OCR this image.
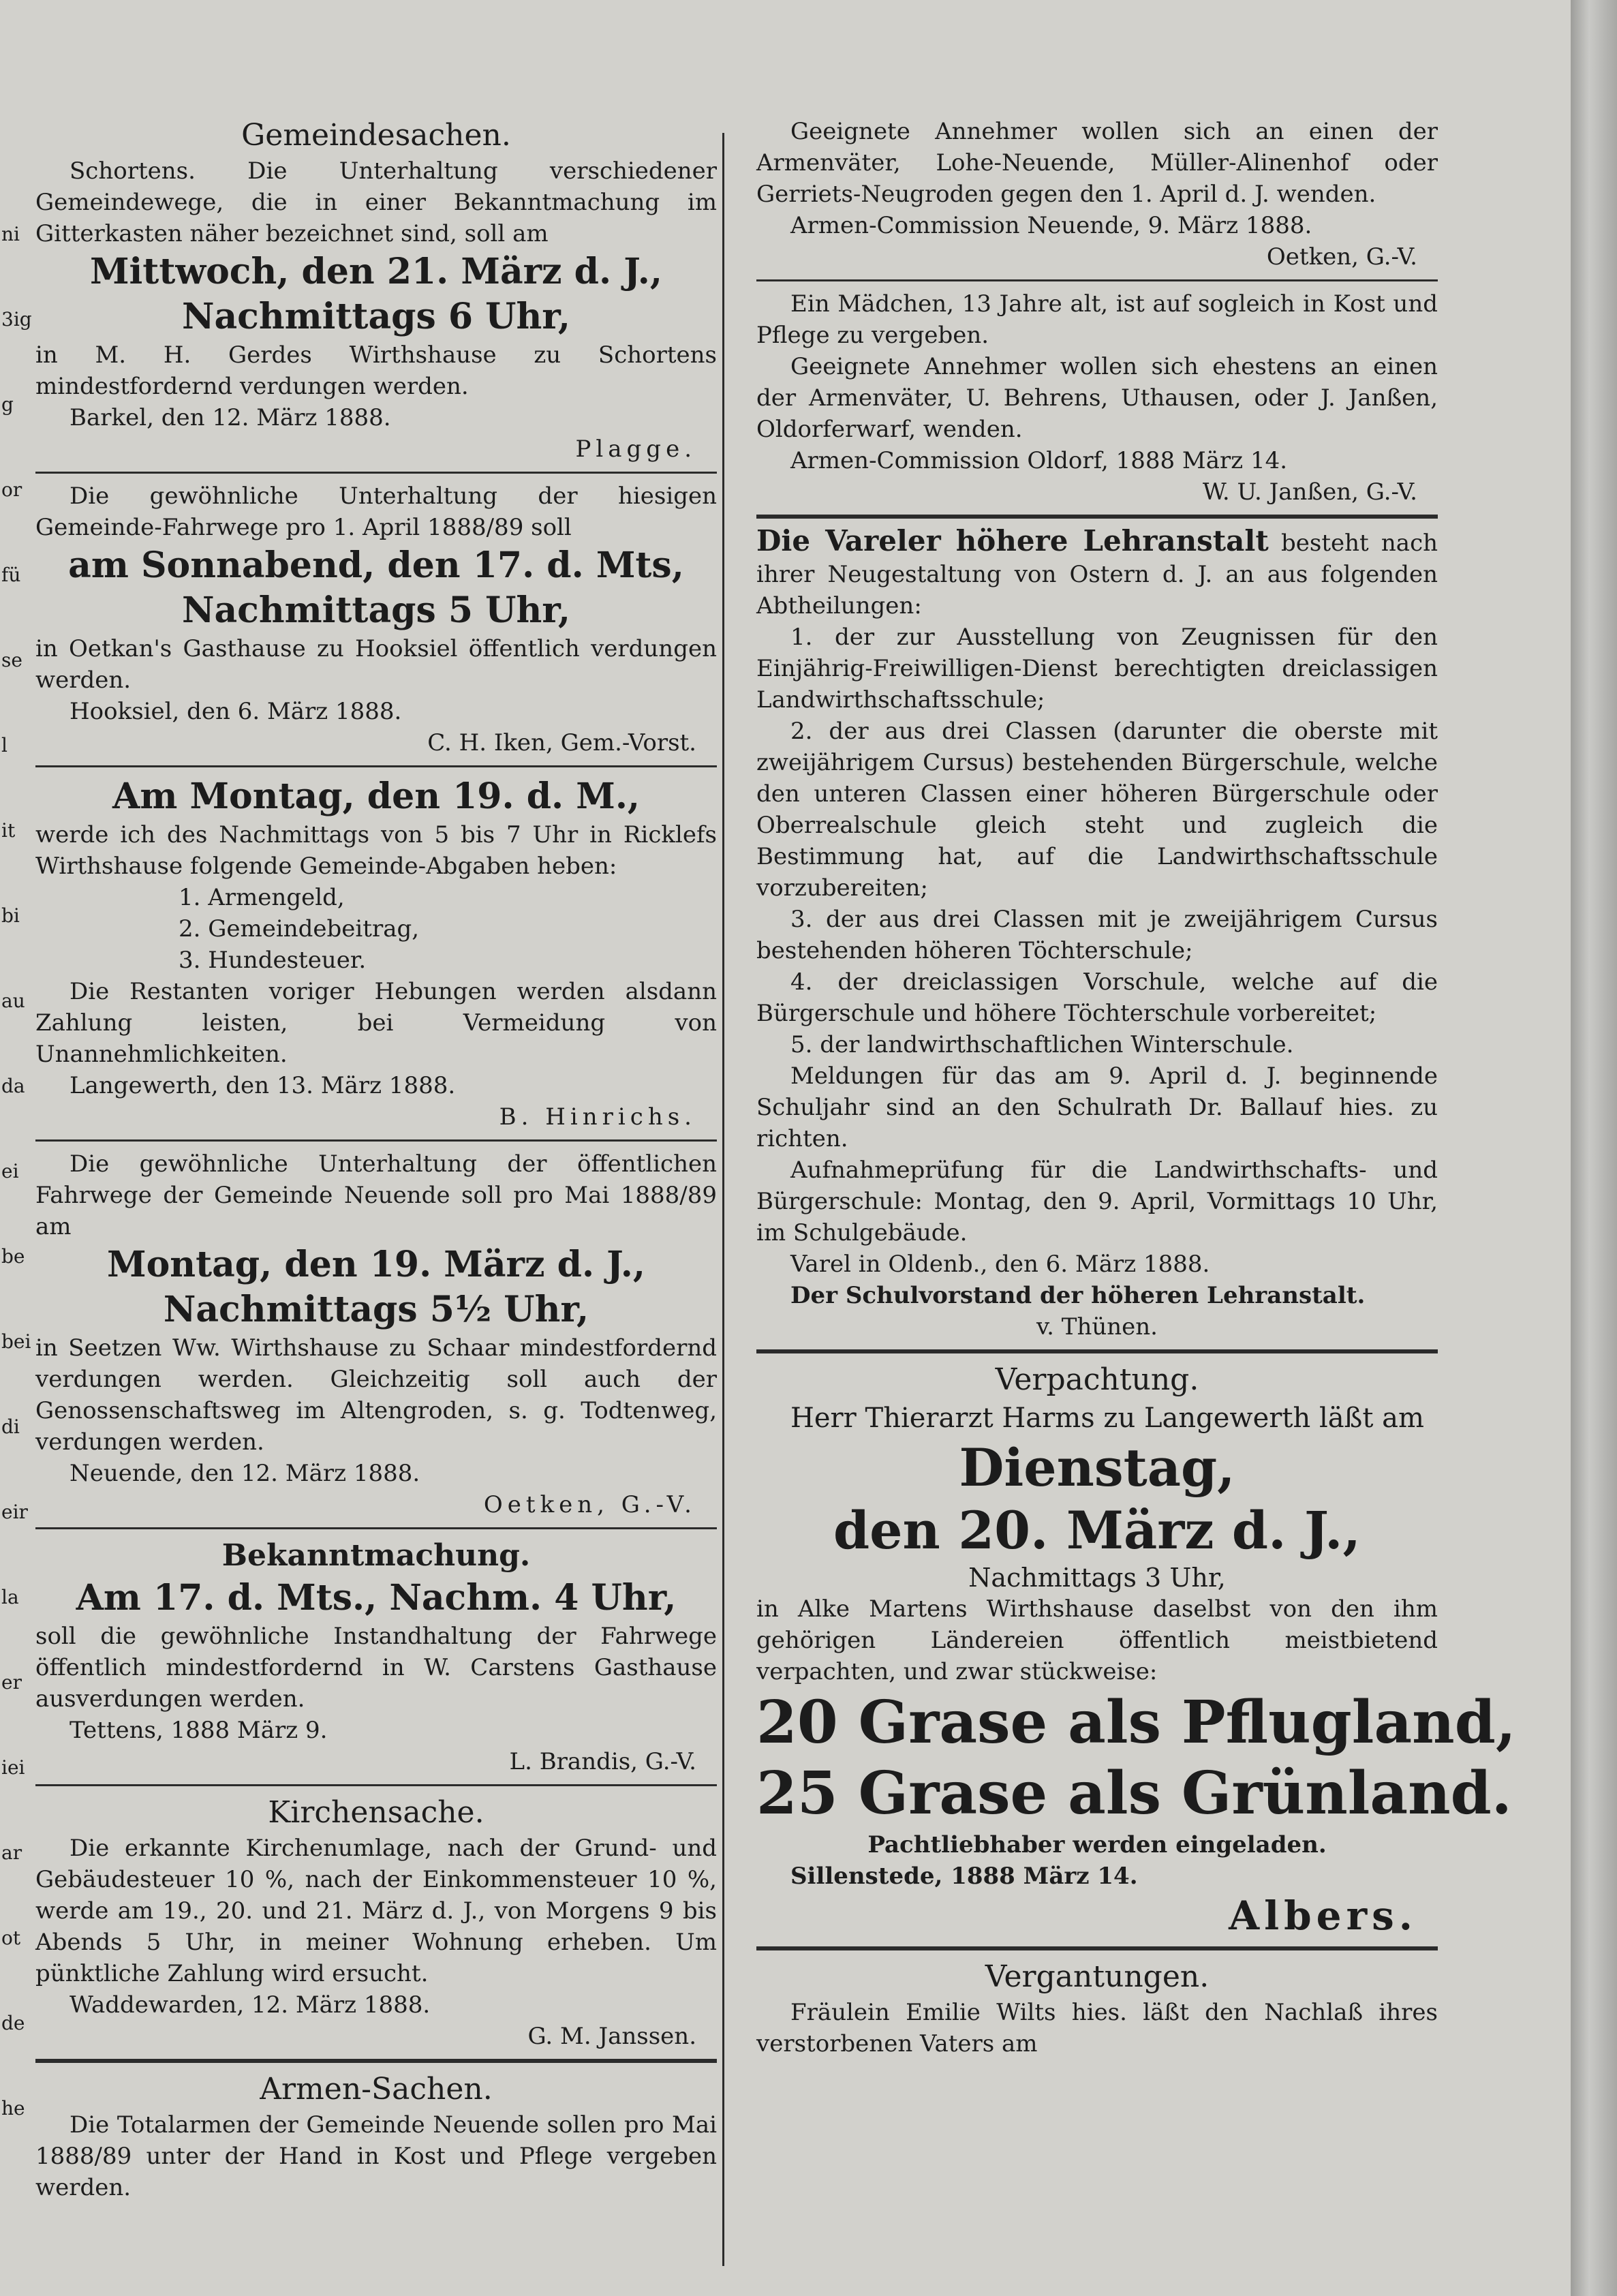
ni
3ig
g
or
fü
se
l
it
bi
au
da
ei
be
bei
di
eir
la
er
iei
ar
ot
de
he

Gemeindesachen.

Schortens. Die Unterhaltung verschiedener Gemeindewege, die in einer Bekanntmachung im Gitterkasten näher bezeichnet sind, soll am

Mittwoch, den 21. März d. J.,

Nachmittags 6 Uhr,

in M. H. Gerdes Wirthshause zu Schortens mindestfordernd verdungen werden.

Barkel, den 12. März 1888.

Plagge.

Die gewöhnliche Unterhaltung der hiesigen Gemeinde-Fahrwege pro 1. April 1888/89 soll

am Sonnabend, den 17. d. Mts,

Nachmittags 5 Uhr,

in Oetkan's Gasthause zu Hooksiel öffentlich verdungen werden.

Hooksiel, den 6. März 1888.

C. H. Iken, Gem.-Vorst.

Am Montag, den 19. d. M.,

werde ich des Nachmittags von 5 bis 7 Uhr in Ricklefs Wirthshause folgende Gemeinde-Abgaben heben:

1. Armengeld,

2. Gemeindebeitrag,

3. Hundesteuer.

Die Restanten voriger Hebungen werden alsdann Zahlung leisten, bei Vermeidung von Unannehmlichkeiten.

Langewerth, den 13. März 1888.

B. Hinrichs.

Die gewöhnliche Unterhaltung der öffentlichen Fahrwege der Gemeinde Neuende soll pro Mai 1888/89 am

Montag, den 19. März d. J.,

Nachmittags 5½ Uhr,

in Seetzen Ww. Wirthshause zu Schaar mindestfordernd verdungen werden. Gleichzeitig soll auch der Genossenschaftsweg im Altengroden, s. g. Todtenweg, verdungen werden.

Neuende, den 12. März 1888.

Oetken, G.-V.

Bekanntmachung.

Am 17. d. Mts., Nachm. 4 Uhr,

soll die gewöhnliche Instandhaltung der Fahrwege öffentlich mindestfordernd in W. Carstens Gasthause ausverdungen werden.

Tettens, 1888 März 9.

L. Brandis, G.-V.

Kirchensache.

Die erkannte Kirchenumlage, nach der Grund- und Gebäudesteuer 10 %, nach der Einkommensteuer 10 %, werde am 19., 20. und 21. März d. J., von Morgens 9 bis Abends 5 Uhr, in meiner Wohnung erheben. Um pünktliche Zahlung wird ersucht.

Waddewarden, 12. März 1888.

G. M. Janssen.

Armen-Sachen.

Die Totalarmen der Gemeinde Neuende sollen pro Mai 1888/89 unter der Hand in Kost und Pflege vergeben werden.

Geeignete Annehmer wollen sich an einen der Armenväter, Lohe-Neuende, Müller-Alinenhof oder Gerriets-Neugroden gegen den 1. April d. J. wenden.

Armen-Commission Neuende, 9. März 1888.

Oetken, G.-V.

Ein Mädchen, 13 Jahre alt, ist auf sogleich in Kost und Pflege zu vergeben.

Geeignete Annehmer wollen sich ehestens an einen der Armenväter, U. Behrens, Uthausen, oder J. Janßen, Oldorferwarf, wenden.

Armen-Commission Oldorf, 1888 März 14.

W. U. Janßen, G.-V.

Die Vareler höhere Lehranstalt besteht nach ihrer Neugestaltung von Ostern d. J. an aus folgenden Abtheilungen:

1. der zur Ausstellung von Zeugnissen für den Einjährig-Freiwilligen-Dienst berechtigten dreiclassigen Landwirthschaftsschule;

2. der aus drei Classen (darunter die oberste mit zweijährigem Cursus) bestehenden Bürgerschule, welche den unteren Classen einer höheren Bürgerschule oder Oberrealschule gleich steht und zugleich die Bestimmung hat, auf die Landwirthschaftsschule vorzubereiten;

3. der aus drei Classen mit je zweijährigem Cursus bestehenden höheren Töchterschule;

4. der dreiclassigen Vorschule, welche auf die Bürgerschule und höhere Töchterschule vorbereitet;

5. der landwirthschaftlichen Winterschule.

Meldungen für das am 9. April d. J. beginnende Schuljahr sind an den Schulrath Dr. Ballauf hies. zu richten.

Aufnahmeprüfung für die Landwirthschafts- und Bürgerschule: Montag, den 9. April, Vormittags 10 Uhr, im Schulgebäude.

Varel in Oldenb., den 6. März 1888.

Der Schulvorstand der höheren Lehranstalt.

v. Thünen.

Verpachtung.

Herr Thierarzt Harms zu Langewerth läßt am

Dienstag,

den 20. März d. J.,

Nachmittags 3 Uhr,

in Alke Martens Wirthshause daselbst von den ihm gehörigen Ländereien öffentlich meistbietend verpachten, und zwar stückweise:

20 Grase als Pflugland,

25 Grase als Grünland.

Pachtliebhaber werden eingeladen.

Sillenstede, 1888 März 14.

Albers.

Vergantungen.

Fräulein Emilie Wilts hies. läßt den Nachlaß ihres verstorbenen Vaters am
